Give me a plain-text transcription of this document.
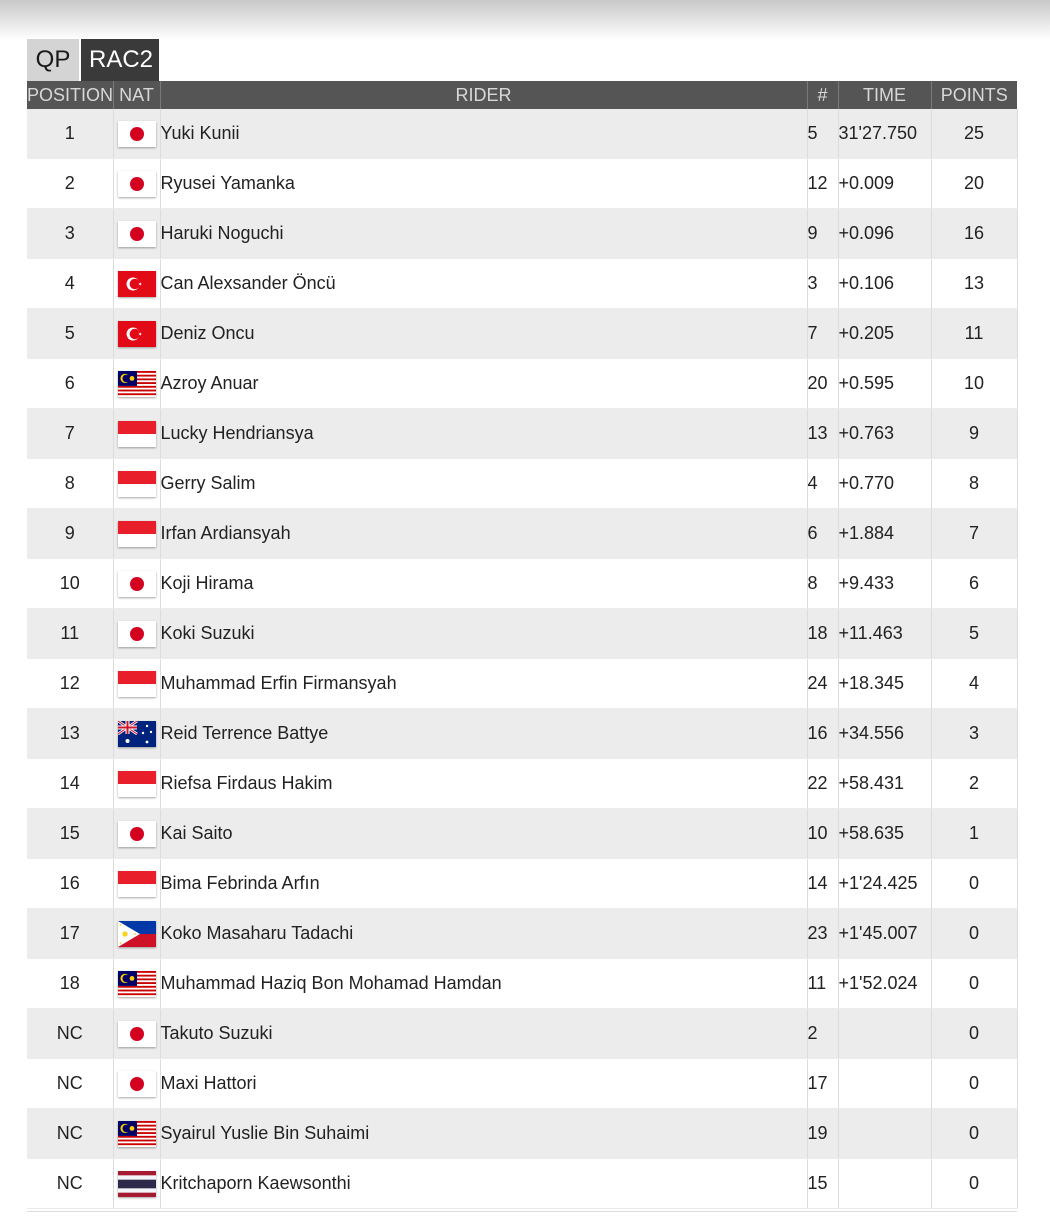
QP RAC2
POSITION	NAT	RIDER	#	TIME	POINTS
1		Yuki Kunii	5	31'27.750	25
2		Ryusei Yamanka	12	+0.009	20
3		Haruki Noguchi	9	+0.096	16
4		Can Alexsander Öncü	3	+0.106	13
5		Deniz Oncu	7	+0.205	11
6		Azroy Anuar	20	+0.595	10
7		Lucky Hendriansya	13	+0.763	9
8		Gerry Salim	4	+0.770	8
9		Irfan Ardiansyah	6	+1.884	7
10		Koji Hirama	8	+9.433	6
11		Koki Suzuki	18	+11.463	5
12		Muhammad Erfin Firmansyah	24	+18.345	4
13		Reid Terrence Battye	16	+34.556	3
14		Riefsa Firdaus Hakim	22	+58.431	2
15		Kai Saito	10	+58.635	1
16		Bima Febrinda Arfın	14	+1'24.425	0
17		Koko Masaharu Tadachi	23	+1'45.007	0
18		Muhammad Haziq Bon Mohamad Hamdan	11	+1'52.024	0
NC		Takuto Suzuki	2		0
NC		Maxi Hattori	17		0
NC		Syairul Yuslie Bin Suhaimi	19		0
NC		Kritchaporn Kaewsonthi	15		0
